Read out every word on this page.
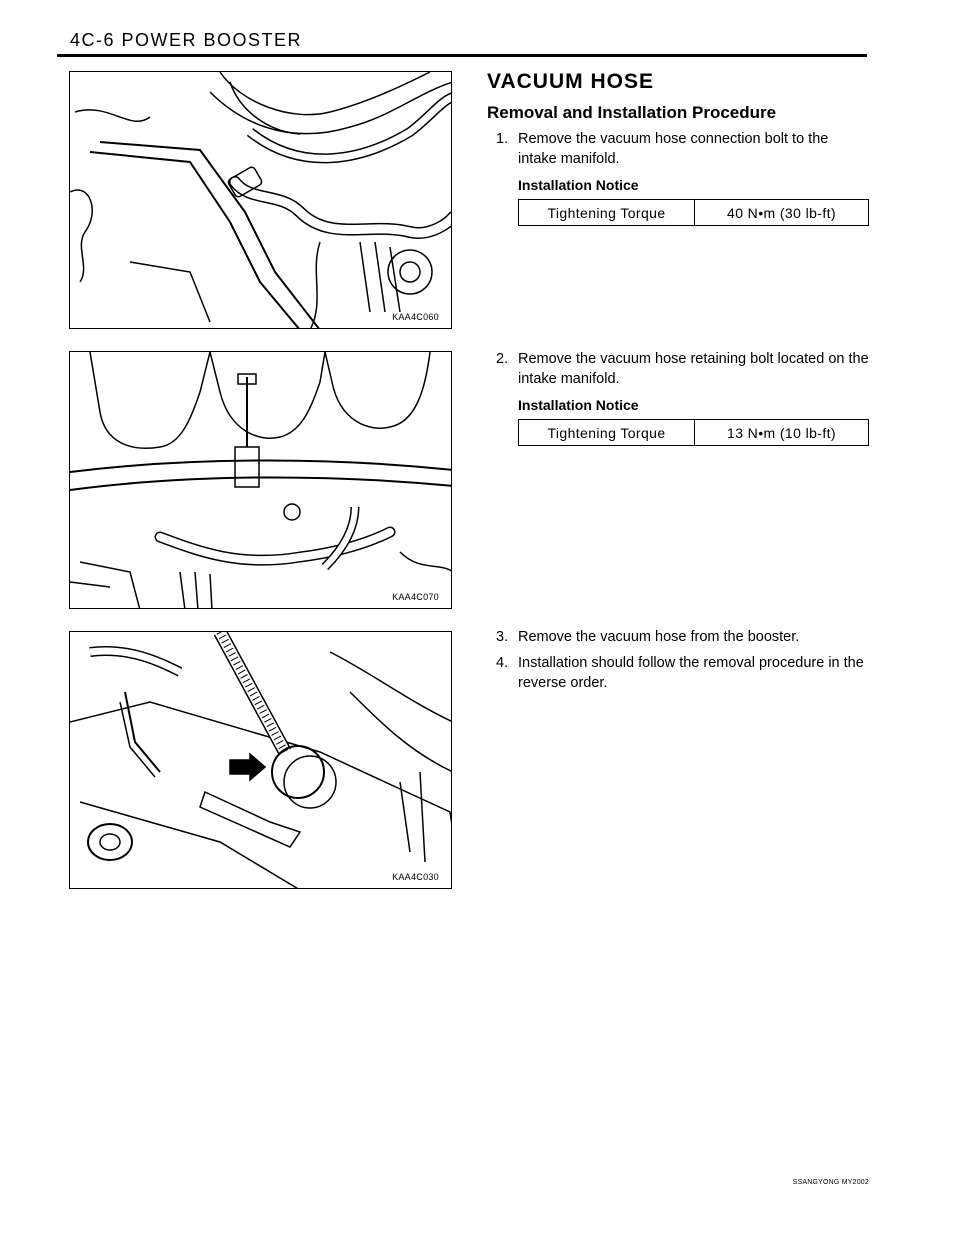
4C-6 POWER BOOSTER
KAA4C060
KAA4C070
KAA4C030
VACUUM HOSE
Removal and Installation Procedure
1. Remove the vacuum hose connection bolt to the intake manifold.
Installation Notice
Tightening Torque	40 N•m (30 lb-ft)
2. Remove the vacuum hose retaining bolt located on the intake manifold.
Installation Notice
Tightening Torque	13 N•m (10 lb-ft)
3. Remove the vacuum hose from the booster.
4. Installation should follow the removal procedure in the reverse order.
SSANGYONG MY2002
